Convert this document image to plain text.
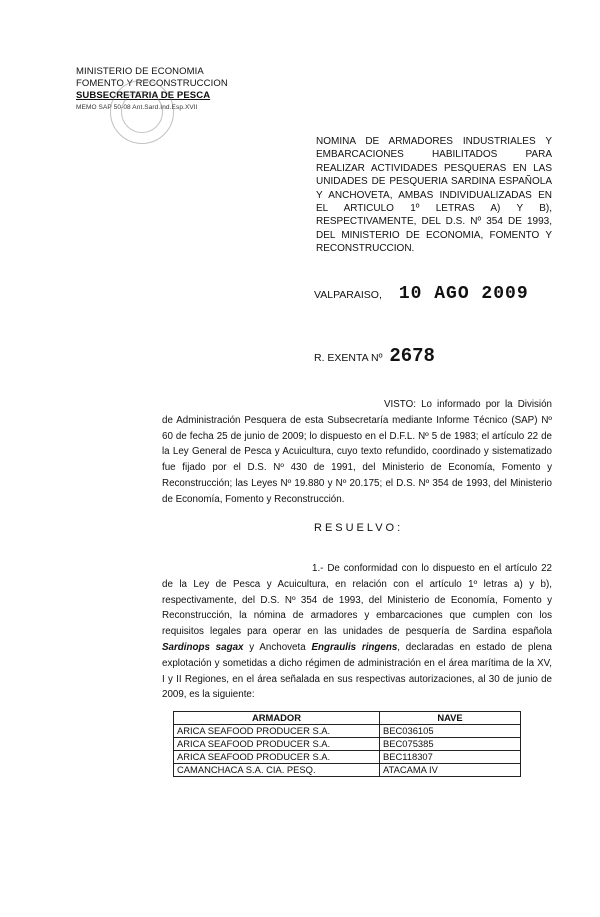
MINISTERIO DE ECONOMIA
FOMENTO Y RECONSTRUCCION
SUBSECRETARIA DE PESCA
MEMO SAP 50-08 Ant.Sard.Ind.Esp.XVII
NOMINA DE ARMADORES INDUSTRIALES Y EMBARCACIONES HABILITADOS PARA REALIZAR ACTIVIDADES PESQUERAS EN LAS UNIDADES DE PESQUERIA SARDINA ESPAÑOLA Y ANCHOVETA, AMBAS INDIVIDUALIZADAS EN EL ARTICULO 1º LETRAS A) Y B), RESPECTIVAMENTE, DEL D.S. Nº 354 DE 1993, DEL MINISTERIO DE ECONOMIA, FOMENTO Y RECONSTRUCCION.
VALPARAISO, 10 AGO 2009
R. EXENTA Nº 2678
VISTO: Lo informado por la División de Administración Pesquera de esta Subsecretaría mediante Informe Técnico (SAP) Nº 60 de fecha 25 de junio de 2009; lo dispuesto en el D.F.L. Nº 5 de 1983; el artículo 22 de la Ley General de Pesca y Acuicultura, cuyo texto refundido, coordinado y sistematizado fue fijado por el D.S. Nº 430 de 1991, del Ministerio de Economía, Fomento y Reconstrucción; las Leyes Nº 19.880 y Nº 20.175; el D.S. Nº 354 de 1993, del Ministerio de Economía, Fomento y Reconstrucción.
RESUELVO:
1.- De conformidad con lo dispuesto en el artículo 22 de la Ley de Pesca y Acuicultura, en relación con el artículo 1º letras a) y b), respectivamente, del D.S. Nº 354 de 1993, del Ministerio de Economía, Fomento y Reconstrucción, la nómina de armadores y embarcaciones que cumplen con los requisitos legales para operar en las unidades de pesquería de Sardina española Sardinops sagax y Anchoveta Engraulis ringens, declaradas en estado de plena explotación y sometidas a dicho régimen de administración en el área marítima de la XV, I y II Regiones, en el área señalada en sus respectivas autorizaciones, al 30 de junio de 2009, es la siguiente:
ARMADOR	NAVE
ARICA SEAFOOD PRODUCER S.A.	BEC036105
ARICA SEAFOOD PRODUCER S.A.	BEC075385
ARICA SEAFOOD PRODUCER S.A.	BEC118307
CAMANCHACA S.A. CIA. PESQ.	ATACAMA IV
